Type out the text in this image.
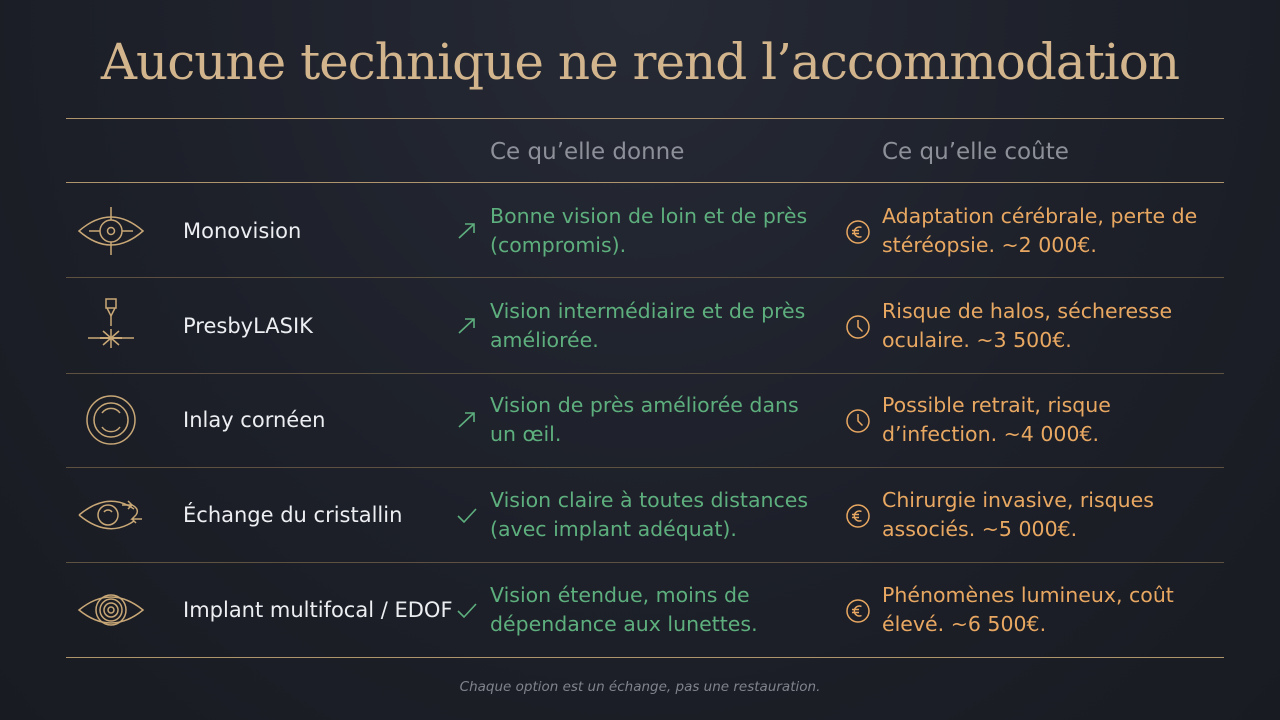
Aucune technique ne rend l’accommodation
Ce qu’elle donne	Ce qu’elle coûte
Monovision
Bonne vision de loin et de près (compromis).
Adaptation cérébrale, perte de stéréopsie. ~2 000€.
PresbyLASIK
Vision intermédiaire et de près améliorée.
Risque de halos, sécheresse oculaire. ~3 500€.
Inlay cornéen
Vision de près améliorée dans un œil.
Possible retrait, risque d’infection. ~4 000€.
Échange du cristallin
Vision claire à toutes distances (avec implant adéquat).
Chirurgie invasive, risques associés. ~5 000€.
Implant multifocal / EDOF
Vision étendue, moins de dépendance aux lunettes.
Phénomènes lumineux, coût élevé. ~6 500€.
Chaque option est un échange, pas une restauration.
